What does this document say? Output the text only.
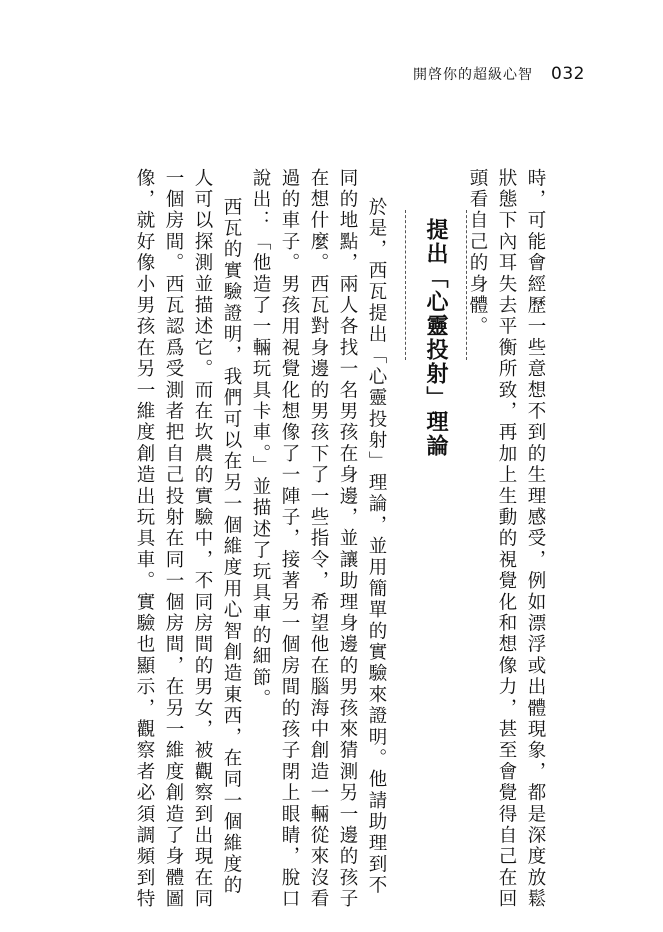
開啓你的超級心智 032
時，可能會經歷一些意想不到的生理感受，例如漂浮或出體現象，都是深度放鬆
狀態下內耳失去平衡所致，再加上生動的視覺化和想像力，甚至會覺得自己在回
頭看自己的身體。
提出「心靈投射」理論
於是，西瓦提出「心靈投射」理論，並用簡單的實驗來證明。他請助理到不
同的地點，兩人各找一名男孩在身邊，並讓助理身邊的男孩來猜測另一邊的孩子
在想什麼。西瓦對身邊的男孩下了一些指令，希望他在腦海中創造一輛從來沒看
過的車子。男孩用視覺化想像了一陣子，接著另一個房間的孩子閉上眼睛，脫口
說出：「他造了一輛玩具卡車。」並描述了玩具車的細節。
西瓦的實驗證明，我們可以在另一個維度用心智創造東西，在同一個維度的
人可以探測並描述它。而在坎農的實驗中，不同房間的男女，被觀察到出現在同
一個房間。西瓦認爲受測者把自己投射在同一個房間，在另一維度創造了身體圖
像，就好像小男孩在另一維度創造出玩具車。實驗也顯示，觀察者必須調頻到特
